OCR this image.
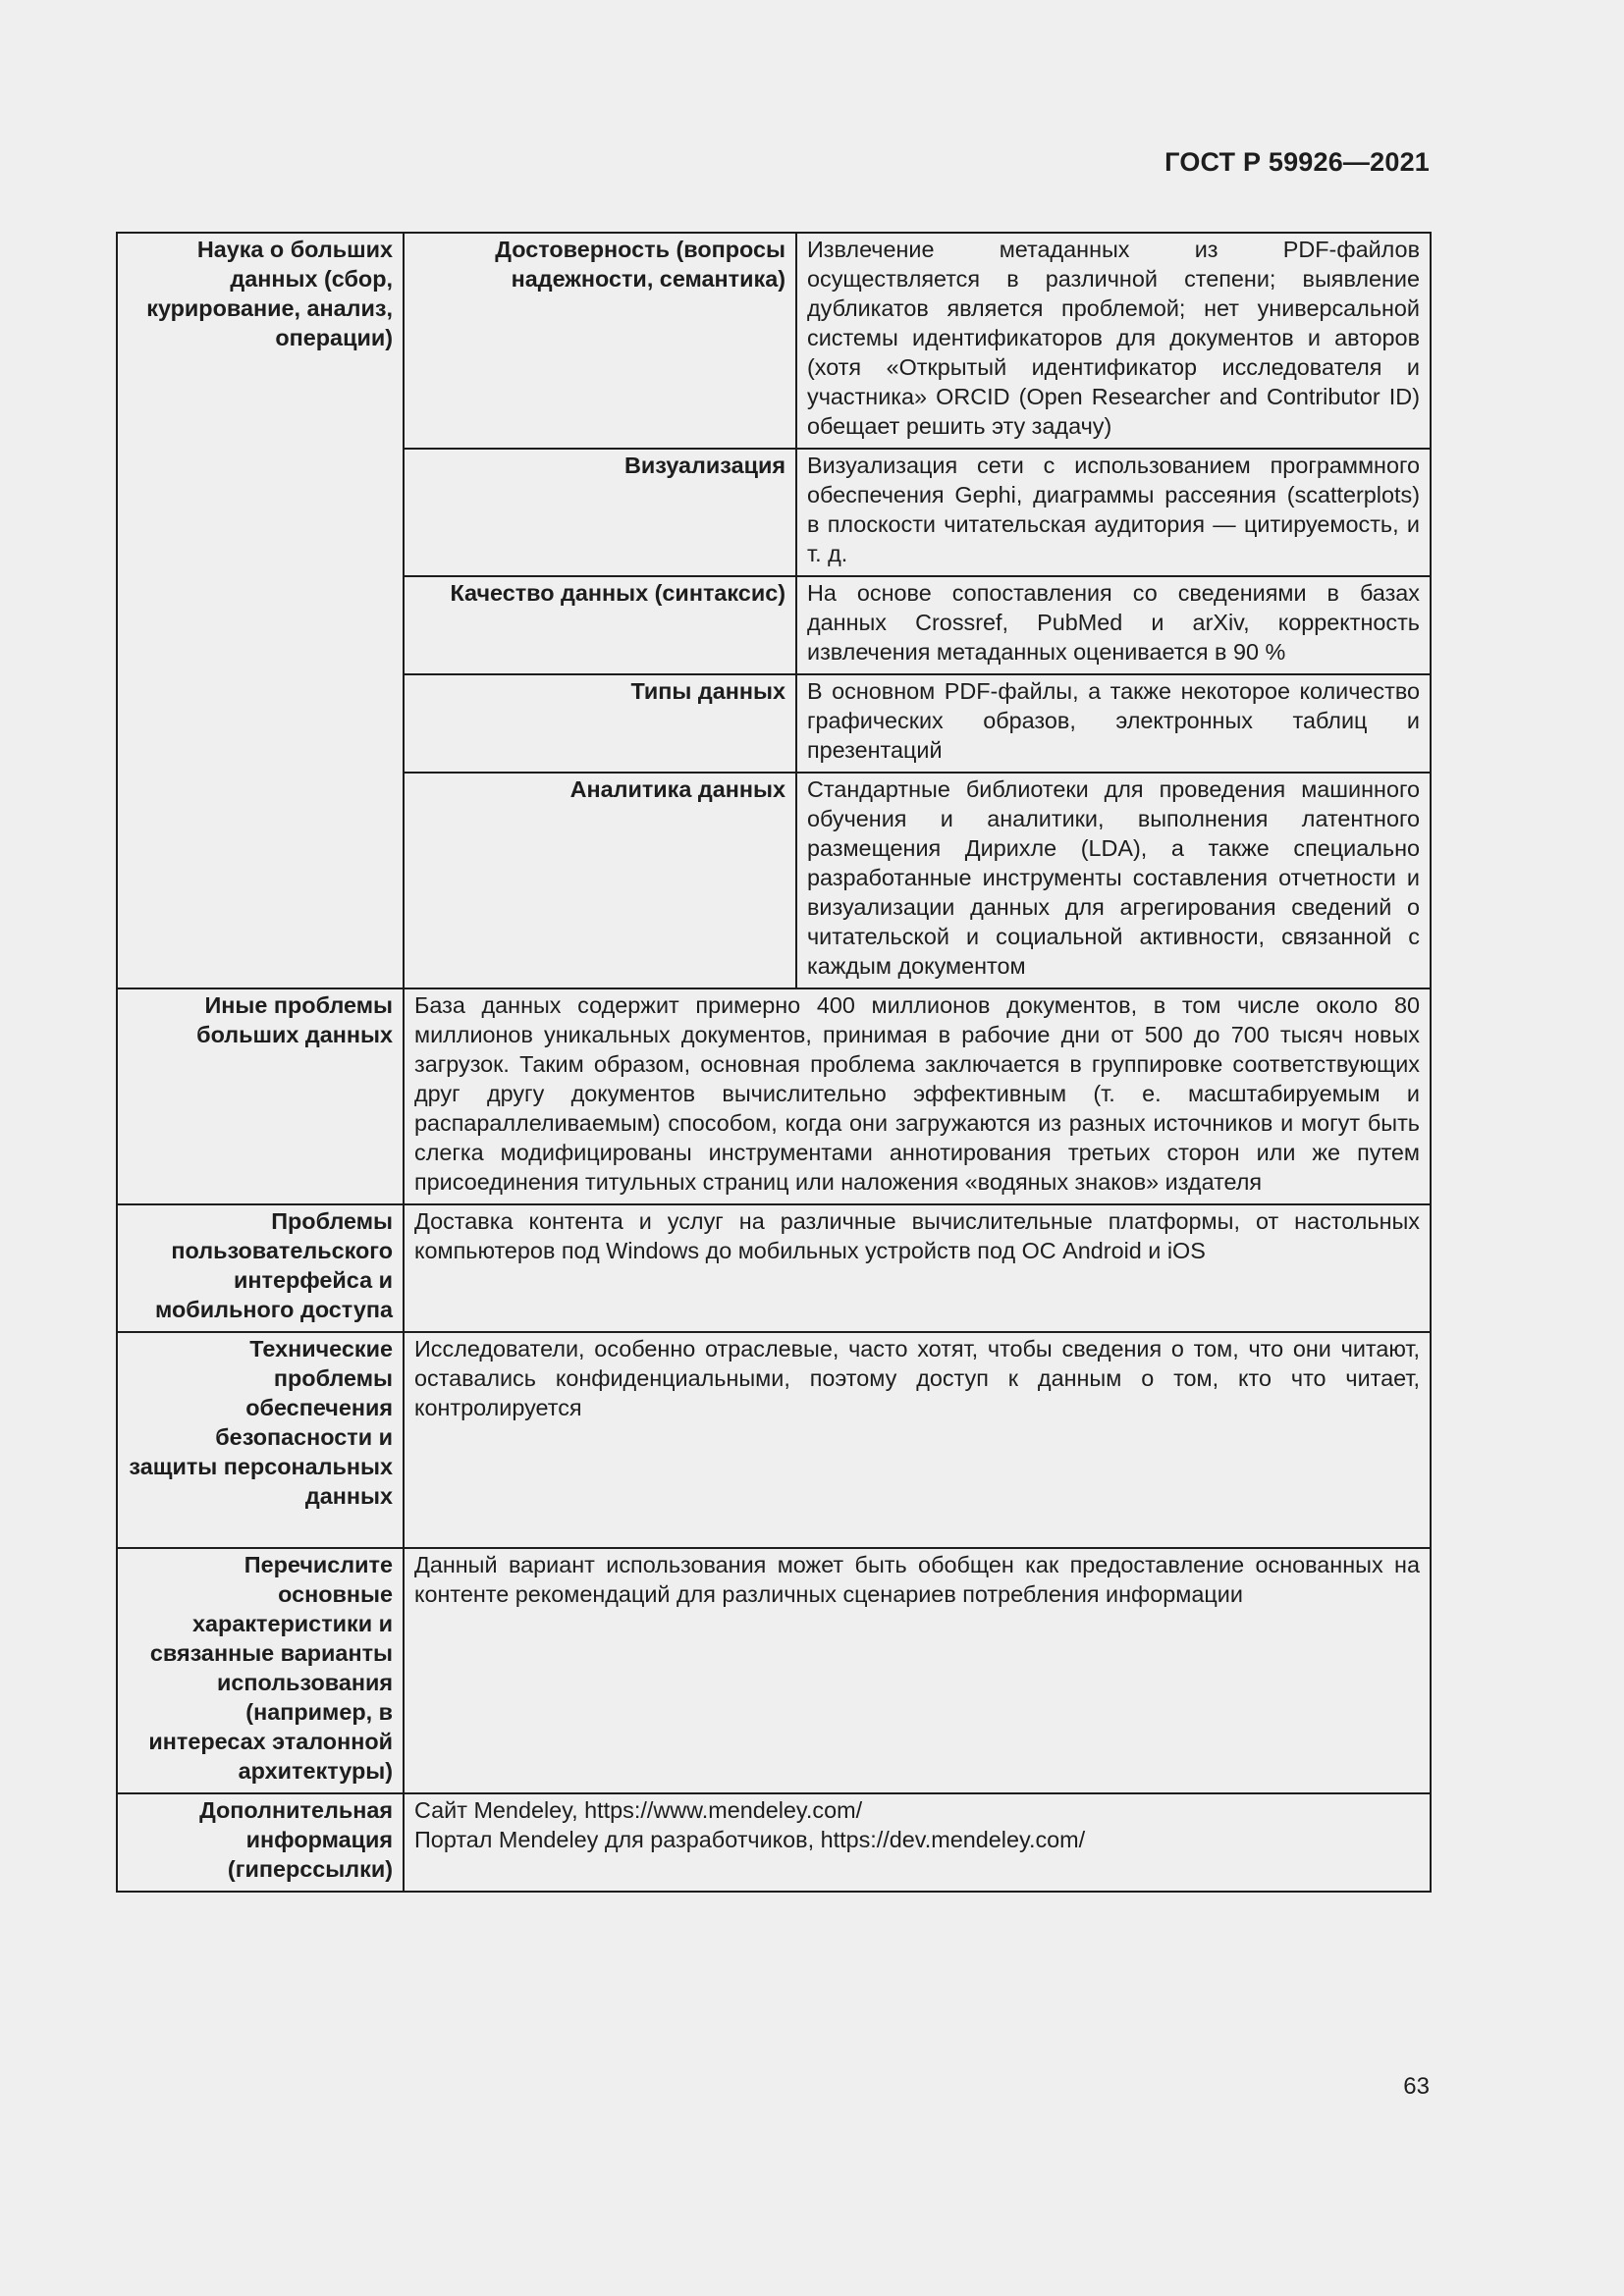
ГОСТ Р 59926—2021
Наука о больших данных (сбор, курирование, анализ, операции)	Достоверность (вопросы надежности, семантика)	Извлечение метаданных из PDF-файлов осуществляется в различной степени; выявление дубликатов является проблемой; нет универсальной системы идентификаторов для документов и авторов (хотя «Открытый идентификатор исследователя и участника» ORCID (Open Researcher and Contributor ID) обещает решить эту задачу)
	Визуализация	Визуализация сети с использованием программного обеспечения Gephi, диаграммы рассеяния (scatterplots) в плоскости читательская аудитория — цитируемость, и т. д.
	Качество данных (синтаксис)	На основе сопоставления со сведениями в базах данных Crossref, PubMed и arXiv, корректность извлечения метаданных оценивается в 90 %
	Типы данных	В основном PDF-файлы, а также некоторое количество графических образов, электронных таблиц и презентаций
	Аналитика данных	Стандартные библиотеки для проведения машинного обучения и аналитики, выполнения латентного размещения Дирихле (LDA), а также специально разработанные инструменты составления отчетности и визуализации данных для агрегирования сведений о читательской и социальной активности, связанной с каждым документом
Иные проблемы больших данных	База данных содержит примерно 400 миллионов документов, в том числе около 80 миллионов уникальных документов, принимая в рабочие дни от 500 до 700 тысяч новых загрузок. Таким образом, основная проблема заключается в группировке соответствующих друг другу документов вычислительно эффективным (т. е. масштабируемым и распараллеливаемым) способом, когда они загружаются из разных источников и могут быть слегка модифицированы инструментами аннотирования третьих сторон или же путем присоединения титульных страниц или наложения «водяных знаков» издателя	
Проблемы пользовательского интерфейса и мобильного доступа	Доставка контента и услуг на различные вычислительные платформы, от настольных компьютеров под Windows до мобильных устройств под ОС Android и iOS	
Технические проблемы обеспечения безопасности и защиты персональных данных	Исследователи, особенно отраслевые, часто хотят, чтобы сведения о том, что они читают, оставались конфиденциальными, поэтому доступ к данным о том, кто что читает, контролируется	
Перечислите основные характеристики и связанные варианты использования (например, в интересах эталонной архитектуры)	Данный вариант использования может быть обобщен как предоставление основанных на контенте рекомендаций для различных сценариев потребления информации	
Дополнительная информация (гиперссылки)	Сайт Mendeley, https://www.mendeley.com/
Портал Mendeley для разработчиков, https://dev.mendeley.com/	
63
